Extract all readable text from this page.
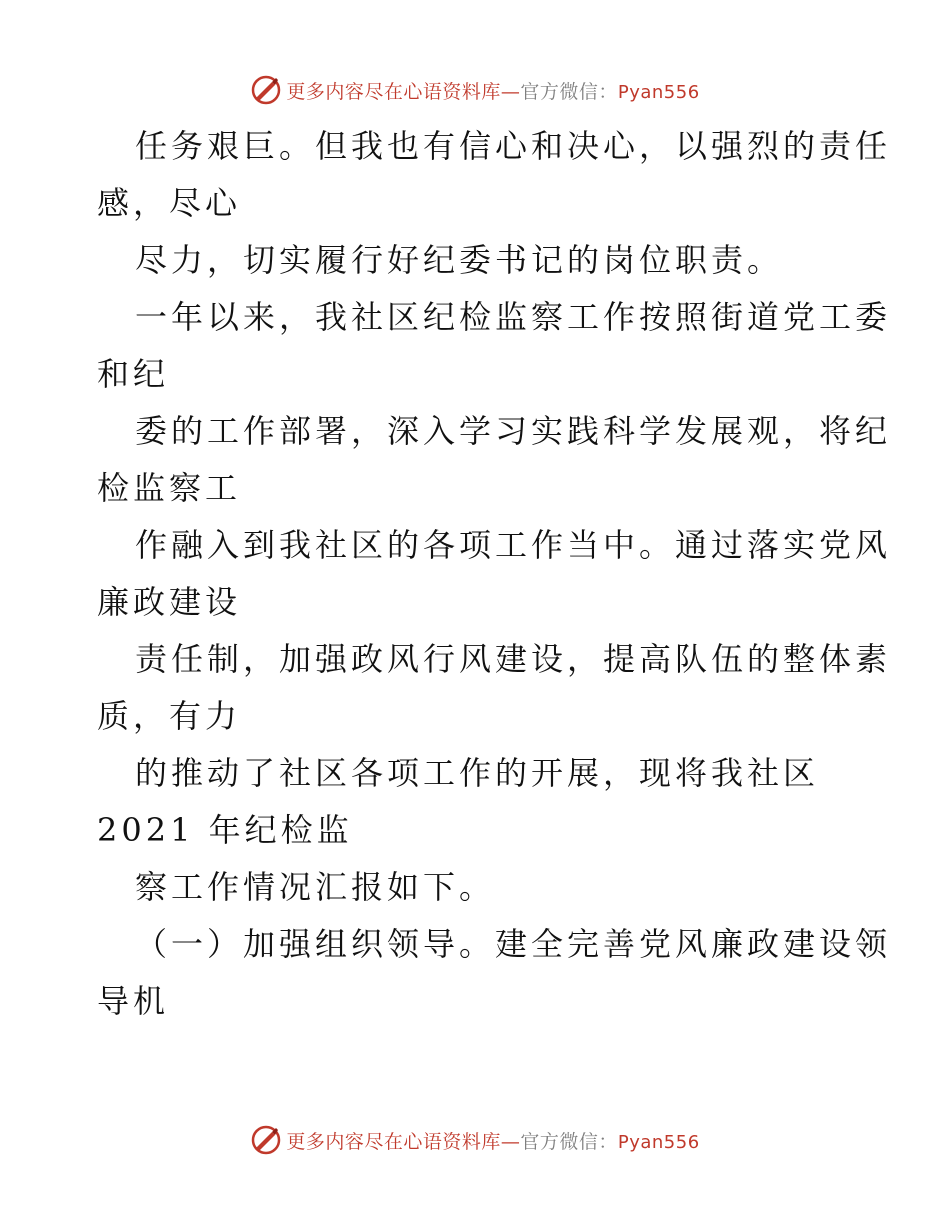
更多内容尽在心语资料库—官方微信：Pyan556
任务艰巨。但我也有信心和决心，以强烈的责任
感，尽心
尽力，切实履行好纪委书记的岗位职责。
一年以来，我社区纪检监察工作按照街道党工委
和纪
委的工作部署，深入学习实践科学发展观，将纪
检监察工
作融入到我社区的各项工作当中。通过落实党风
廉政建设
责任制，加强政风行风建设，提高队伍的整体素
质，有力
的推动了社区各项工作的开展，现将我社区
2021 年纪检监
察工作情况汇报如下。
（一）加强组织领导。建全完善党风廉政建设领
导机
更多内容尽在心语资料库—官方微信：Pyan556
